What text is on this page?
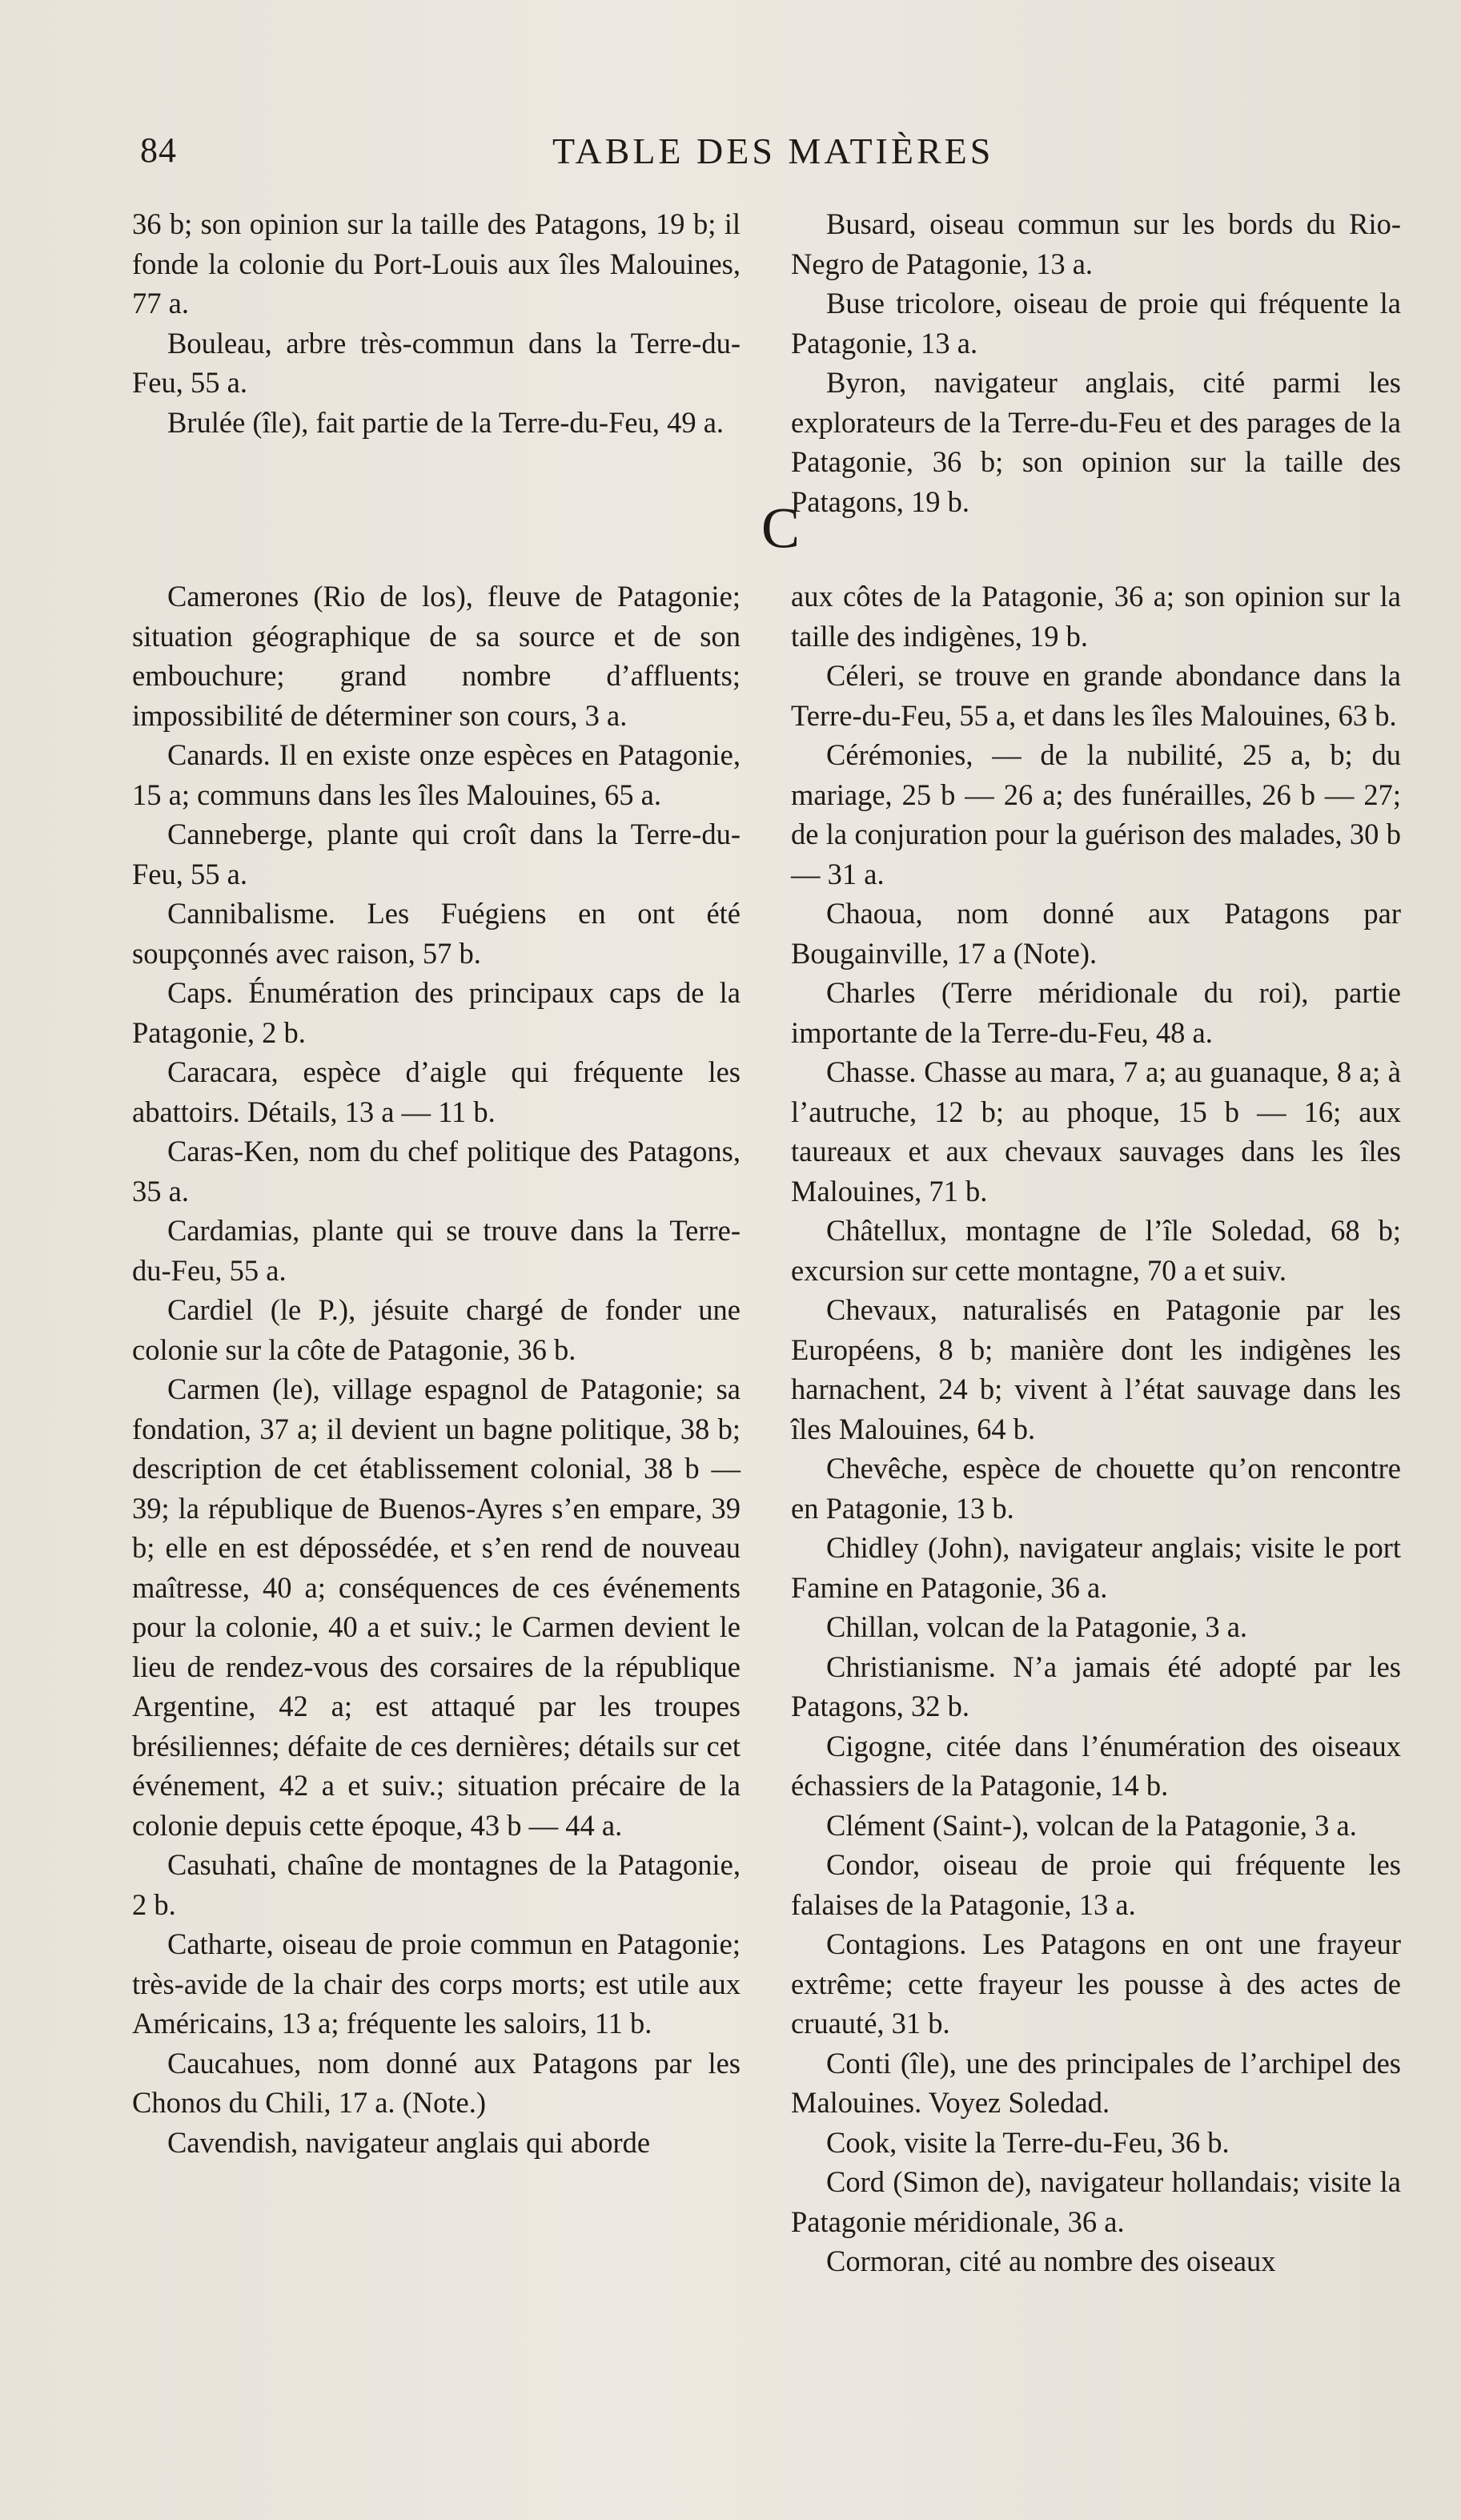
84	TABLE DES MATIÈRES

36 b; son opinion sur la taille des Patagons, 19 b; il fonde la colonie du Port-Louis aux îles Malouines, 77 a.

Bouleau, arbre très-commun dans la Terre-du-Feu, 55 a.

Brulée (île), fait partie de la Terre-du-Feu, 49 a.

Busard, oiseau commun sur les bords du Rio-Negro de Patagonie, 13 a.

Buse tricolore, oiseau de proie qui fréquente la Patagonie, 13 a.

Byron, navigateur anglais, cité parmi les explorateurs de la Terre-du-Feu et des parages de la Patagonie, 36 b; son opinion sur la taille des Patagons, 19 b.

C

Camerones (Rio de los), fleuve de Patagonie; situation géographique de sa source et de son embouchure; grand nombre d’affluents; impossibilité de déterminer son cours, 3 a.

Canards. Il en existe onze espèces en Patagonie, 15 a; communs dans les îles Malouines, 65 a.

Canneberge, plante qui croît dans la Terre-du-Feu, 55 a.

Cannibalisme. Les Fuégiens en ont été soupçonnés avec raison, 57 b.

Caps. Énumération des principaux caps de la Patagonie, 2 b.

Caracara, espèce d’aigle qui fréquente les abattoirs. Détails, 13 a — 11 b.

Caras-Ken, nom du chef politique des Patagons, 35 a.

Cardamias, plante qui se trouve dans la Terre-du-Feu, 55 a.

Cardiel (le P.), jésuite chargé de fonder une colonie sur la côte de Patagonie, 36 b.

Carmen (le), village espagnol de Patagonie; sa fondation, 37 a; il devient un bagne politique, 38 b; description de cet établissement colonial, 38 b — 39; la république de Buenos-Ayres s’en empare, 39 b; elle en est dépossédée, et s’en rend de nouveau maîtresse, 40 a; conséquences de ces événements pour la colonie, 40 a et suiv.; le Carmen devient le lieu de rendez-vous des corsaires de la république Argentine, 42 a; est attaqué par les troupes brésiliennes; défaite de ces dernières; détails sur cet événement, 42 a et suiv.; situation précaire de la colonie depuis cette époque, 43 b — 44 a.

Casuhati, chaîne de montagnes de la Patagonie, 2 b.

Catharte, oiseau de proie commun en Patagonie; très-avide de la chair des corps morts; est utile aux Américains, 13 a; fréquente les saloirs, 11 b.

Caucahues, nom donné aux Patagons par les Chonos du Chili, 17 a. (Note.)

Cavendish, navigateur anglais qui aborde

aux côtes de la Patagonie, 36 a; son opinion sur la taille des indigènes, 19 b.

Céleri, se trouve en grande abondance dans la Terre-du-Feu, 55 a, et dans les îles Malouines, 63 b.

Cérémonies, — de la nubilité, 25 a, b; du mariage, 25 b — 26 a; des funérailles, 26 b — 27; de la conjuration pour la guérison des malades, 30 b — 31 a.

Chaoua, nom donné aux Patagons par Bougainville, 17 a (Note).

Charles (Terre méridionale du roi), partie importante de la Terre-du-Feu, 48 a.

Chasse. Chasse au mara, 7 a; au guanaque, 8 a; à l’autruche, 12 b; au phoque, 15 b — 16; aux taureaux et aux chevaux sauvages dans les îles Malouines, 71 b.

Châtellux, montagne de l’île Soledad, 68 b; excursion sur cette montagne, 70 a et suiv.

Chevaux, naturalisés en Patagonie par les Européens, 8 b; manière dont les indigènes les harnachent, 24 b; vivent à l’état sauvage dans les îles Malouines, 64 b.

Chevêche, espèce de chouette qu’on rencontre en Patagonie, 13 b.

Chidley (John), navigateur anglais; visite le port Famine en Patagonie, 36 a.

Chillan, volcan de la Patagonie, 3 a.

Christianisme. N’a jamais été adopté par les Patagons, 32 b.

Cigogne, citée dans l’énumération des oiseaux échassiers de la Patagonie, 14 b.

Clément (Saint-), volcan de la Patagonie, 3 a.

Condor, oiseau de proie qui fréquente les falaises de la Patagonie, 13 a.

Contagions. Les Patagons en ont une frayeur extrême; cette frayeur les pousse à des actes de cruauté, 31 b.

Conti (île), une des principales de l’archipel des Malouines. Voyez Soledad.

Cook, visite la Terre-du-Feu, 36 b.

Cord (Simon de), navigateur hollandais; visite la Patagonie méridionale, 36 a.

Cormoran, cité au nombre des oiseaux
